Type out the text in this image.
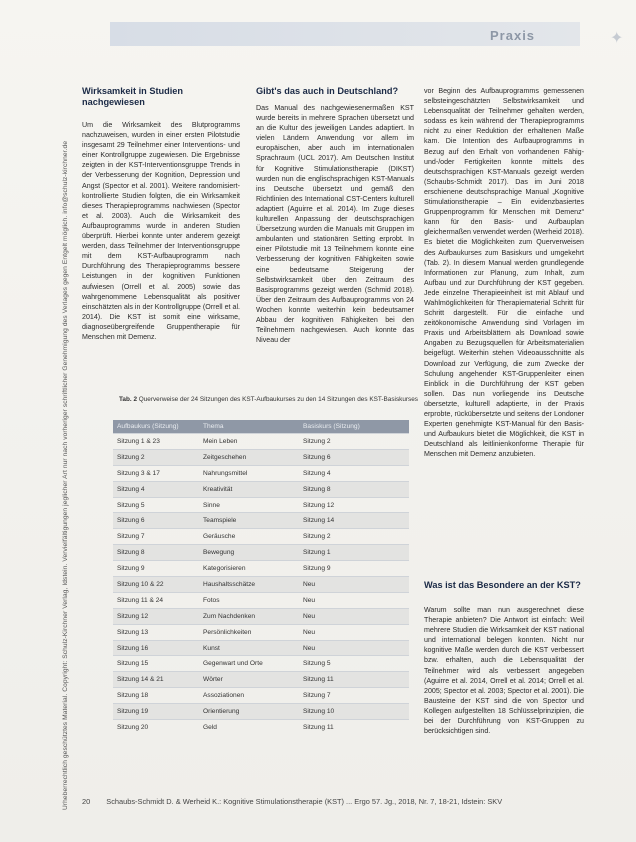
Praxis	✦
Urheberrechtlich geschütztes Material. Copyright: Schulz-Kirchner Verlag, Idstein. Vervielfältigungen jeglicher Art nur nach vorheriger schriftlicher Genehmigung des Verlages gegen Entgelt möglich. info@schulz-kirchner.de
Wirksamkeit in Studien nachgewiesen

Um die Wirksamkeit des Blutprogramms nachzuweisen, wurden in einer ersten Pilotstudie insgesamt 29 Teilnehmer einer Interventions- und einer Kontrollgruppe zugewiesen. Die Ergebnisse zeigten in der KST-Interventionsgruppe Trends in der Verbesserung der Kognition, Depression und Angst (Spector et al. 2001). Weitere randomisiert-kontrollierte Studien folgten, die ein Wirksamkeit dieses Therapieprogramms nachwiesen (Spector et al. 2003). Auch die Wirksamkeit des Aufbauprogramms wurde in anderen Studien überprüft. Hierbei konnte unter anderem gezeigt werden, dass Teilnehmer der Interventionsgruppe mit dem KST-Aufbauprogramm nach Durchführung des Therapieprogramms bessere Leistungen in der kognitiven Funktionen aufwiesen (Orrell et al. 2005) sowie das wahrgenommene Lebensqualität als positiver einschätzten als in der Kontrollgruppe (Orrell et al. 2014). Die KST ist somit eine wirksame, diagnoseübergreifende Gruppentherapie für Menschen mit Demenz.

Gibt's das auch in Deutschland?

Das Manual des nachgewiesenermaßen KST wurde bereits in mehrere Sprachen übersetzt und an die Kultur des jeweiligen Landes adaptiert. In vielen Ländern Anwendung vor allem im europäischen, aber auch im internationalen Sprachraum (UCL 2017). Am Deutschen Institut für Kognitive Stimulationstherapie (DIKST) wurden nun die englischsprachigen KST-Manuals ins Deutsche übersetzt und gemäß den Richtlinien des International CST-Centers kulturell adaptiert (Aguirre et al. 2014). Im Zuge dieses kulturellen Anpassung der deutschsprachigen Übersetzung wurden die Manuals mit Gruppen im ambulanten und stationären Setting erprobt. In einer Pilotstudie mit 13 Teilnehmern konnte eine Verbesserung der kognitiven Fähigkeiten sowie eine bedeutsame Steigerung der Selbstwirksamkeit über den Zeitraum des Basisprogramms gezeigt werden (Schmid 2018). Über den Zeitraum des Aufbauprogramms von 24 Wochen konnte weiterhin kein bedeutsamer Abbau der kognitiven Fähigkeiten bei den Teilnehmern nachgewiesen. Auch konnte das Niveau der

vor Beginn des Aufbauprogramms gemessenen selbsteingeschätzten Selbstwirksamkeit und Lebensqualität der Teilnehmer gehalten werden, sodass es kein während der Therapieprogramms nicht zu einer Reduktion der erhaltenen Maße kam. Die Intention des Aufbauprogramms in Bezug auf den Erhalt von vorhandenen Fähig- und-/oder Fertigkeiten konnte mittels des deutschsprachigen KST-Manuals gezeigt werden (Schaubs-Schmidt 2017). Das im Juni 2018 erschienene deutschsprachige Manual „Kognitive Stimulationstherapie – Ein evidenzbasiertes Gruppenprogramm für Menschen mit Demenz“ kann für den Basis- und Aufbauplan gleichermaßen verwendet werden (Werheid 2018). Es bietet die Möglichkeiten zum Querverweisen des Aufbaukurses zum Basiskurs und umgekehrt (Tab. 2). In diesem Manual werden grundlegende Informationen zur Planung, zum Inhalt, zum Aufbau und zur Durchführung der KST gegeben. Jede einzelne Therapieeinheit ist mit Ablauf und Wahlmöglichkeiten für Therapiematerial Schritt für Schritt dargestellt. Für die einfache und zeitökonomische Anwendung sind Vorlagen im Praxis und Arbeitsblättern als Download sowie Angaben zu Bezugsquellen für Arbeitsmaterialien beigefügt. Weiterhin stehen Videoausschnitte als Download zur Verfügung, die zum Zwecke der Schulung angehender KST-Gruppenleiter einen Einblick in die Durchführung der KST geben sollen. Das nun vorliegende ins Deutsche übersetzte, kulturell adaptierte, in der Praxis erprobte, rückübersetzte und seitens der Londoner Experten genehmigte KST-Manual für den Basis- und Aufbaukurs bietet die Möglichkeit, die KST in Deutschland als leitlinienkonforme Therapie für Menschen mit Demenz anzubieten.

Was ist das Besondere an der KST?

Warum sollte man nun ausgerechnet diese Therapie anbieten? Die Antwort ist einfach: Weil mehrere Studien die Wirksamkeit der KST national und international belegen konnten. Nicht nur kognitive Maße werden durch die KST verbessert bzw. erhalten, auch die Lebensqualität der Teilnehmer wird als verbessert angegeben (Aguirre et al. 2014, Orrell et al. 2014; Orrell et al. 2005; Spector et al. 2003; Spector et al. 2001). Die Bausteine der KST sind die von Spector und Kollegen aufgestellten 18 Schlüsselprinzipien, die bei der Durchführung von KST-Gruppen zu berücksichtigen sind.

Tab. 2 Querverweise der 24 Sitzungen des KST-Aufbaukurses zu den 14 Sitzungen des KST-Basiskurses
Aufbaukurs (Sitzung)	Thema	Basiskurs (Sitzung)
Sitzung 1 & 23	Mein Leben	Sitzung 2
Sitzung 2	Zeitgeschehen	Sitzung 6
Sitzung 3 & 17	Nahrungsmittel	Sitzung 4
Sitzung 4	Kreativität	Sitzung 8
Sitzung 5	Sinne	Sitzung 12
Sitzung 6	Teamspiele	Sitzung 14
Sitzung 7	Geräusche	Sitzung 2
Sitzung 8	Bewegung	Sitzung 1
Sitzung 9	Kategorisieren	Sitzung 9
Sitzung 10 & 22	Haushaltsschätze	Neu
Sitzung 11 & 24	Fotos	Neu
Sitzung 12	Zum Nachdenken	Neu
Sitzung 13	Persönlichkeiten	Neu
Sitzung 16	Kunst	Neu
Sitzung 15	Gegenwart und Orte	Sitzung 5
Sitzung 14 & 21	Wörter	Sitzung 11
Sitzung 18	Assoziationen	Sitzung 7
Sitzung 19	Orientierung	Sitzung 10
Sitzung 20	Geld	Sitzung 11
20 Schaubs-Schmidt D. & Werheid K.: Kognitive Stimulationstherapie (KST) ... Ergo 57. Jg., 2018, Nr. 7, 18-21, Idstein: SKV
